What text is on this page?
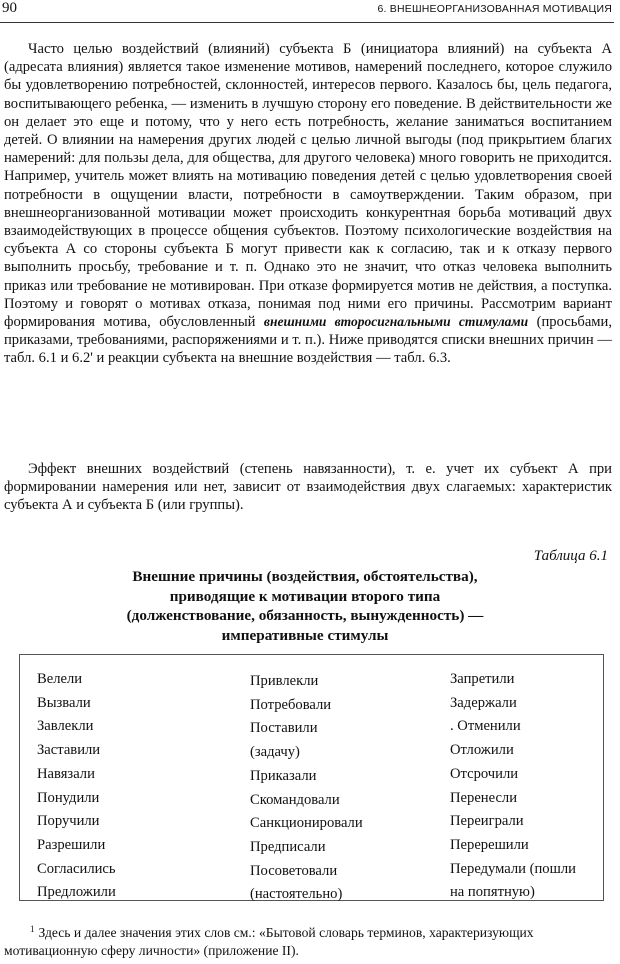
90	6. ВНЕШНЕОРГАНИЗОВАННАЯ МОТИВАЦИЯ

Часто целью воздействий (влияний) субъекта Б (инициатора влияний) на субъекта А (адресата влияния) является такое изменение мотивов, намерений последнего, которое служило бы удовлетворению потребностей, склонностей, интересов первого. Казалось бы, цель педагога, воспитывающего ребенка, — изменить в лучшую сторону его поведение. В действительности же он делает это еще и потому, что у него есть потребность, желание заниматься воспитанием детей. О влиянии на намерения других людей с целью личной выгоды (под прикрытием благих намерений: для пользы дела, для общества, для другого человека) много говорить не приходится. Например, учитель может влиять на мотивацию поведения детей с целью удовлетворения своей потребности в ощущении власти, потребности в самоутверждении. Таким образом, при внешнеорганизованной мотивации может происходить конкурентная борьба мотиваций двух взаимодействующих в процессе общения субъектов. Поэтому психологические воздействия на субъекта А со стороны субъекта Б могут привести как к согласию, так и к отказу первого выполнить просьбу, требование и т. п. Однако это не значит, что отказ человека выполнить приказ или требование не мотивирован. При отказе формируется мотив не действия, а поступка. Поэтому и говорят о мотивах отказа, понимая под ними его причины. Рассмотрим вариант формирования мотива, обусловленный внешними второсигнальными стимулами (просьбами, приказами, требованиями, распоряжениями и т. п.). Ниже приводятся списки внешних причин — табл. 6.1 и 6.2' и реакции субъекта на внешние воздействия — табл. 6.3.

Эффект внешних воздействий (степень навязанности), т. е. учет их субъект А при формировании намерения или нет, зависит от взаимодействия двух слагаемых: характеристик субъекта А и субъекта Б (или группы).

Таблица 6.1
Внешние причины (воздействия, обстоятельства),
приводящие к мотивации второго типа
(долженствование, обязанность, вынужденность) —
императивные стимулы
Велели
Вызвали
Завлекли
Заставили
Навязали
Понудили
Поручили
Разрешили
Согласились
Предложили
Привлекли
Потребовали
Поставили
(задачу)
Приказали
Скомандовали
Санкционировали
Предписали
Посоветовали
(настоятельно)
Запретили
Задержали
. Отменили
Отложили
Отсрочили
Перенесли
Переиграли
Перерешили
Передумали (пошли
на попятную)
$^1$ Здесь и далее значения этих слов см.: «Бытовой словарь терминов, характеризующих мотивационную сферу личности» (приложение II).
